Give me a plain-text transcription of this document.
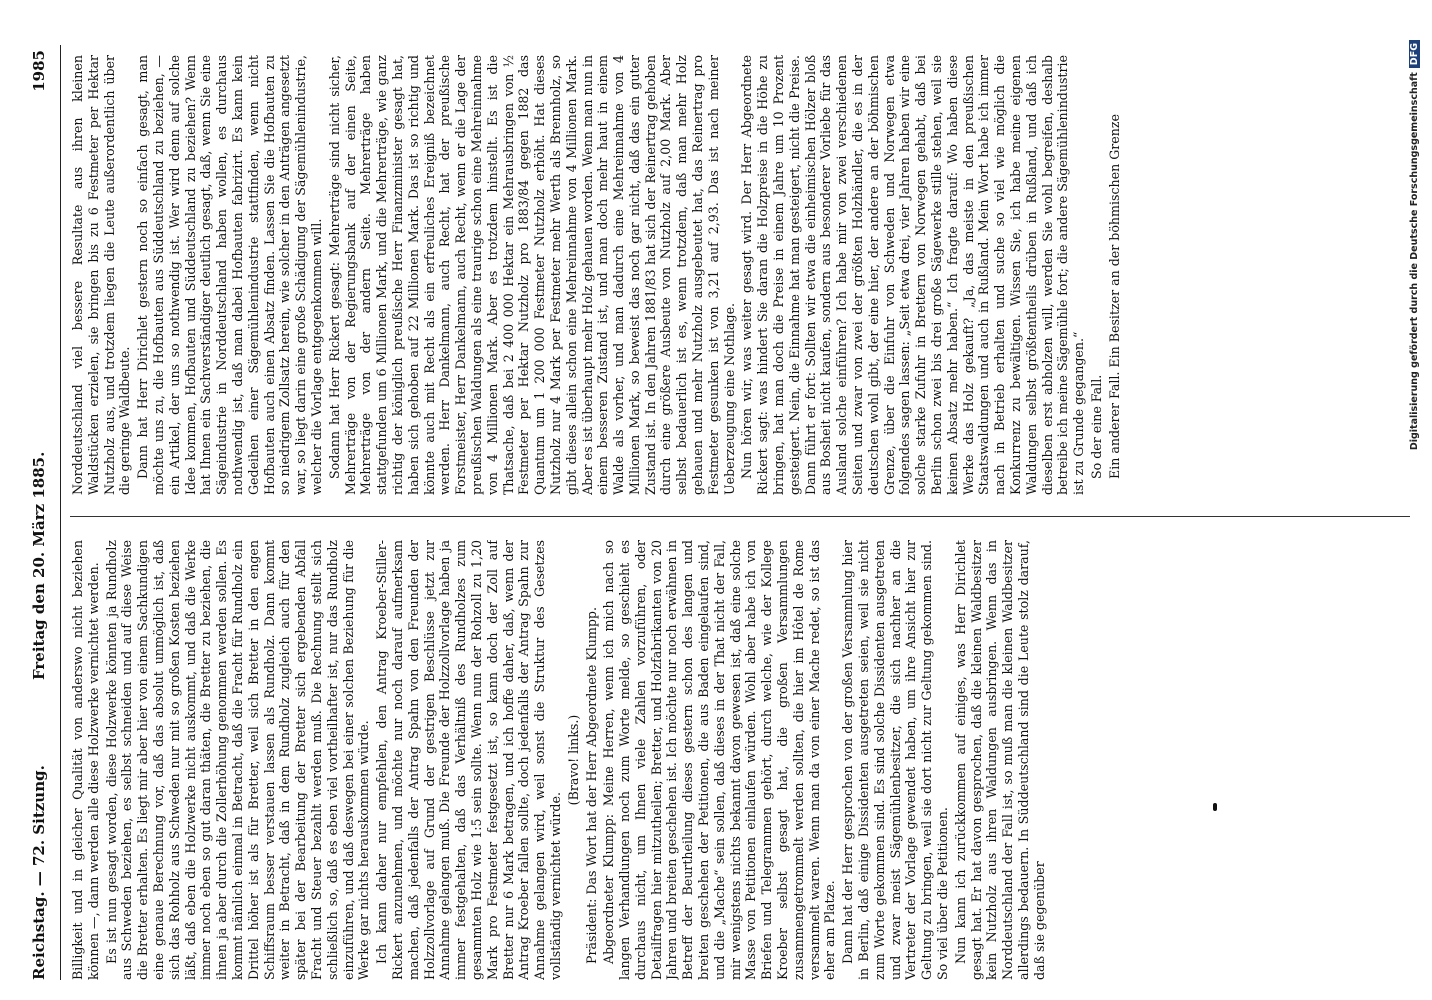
Reichstag. — 72. Sitzung.
Freitag den 20. März 1885.
1985

Billigkeit und in gleicher Qualität von anderswo nicht beziehen können —, dann werden alle diese Holzwerke vernichtet werden. Es ist nun gesagt worden, diese Holzwerke könnten ja Rundholz aus Schweden beziehen, es selbst schneiden und auf diese Weise die Bretter erhalten. Es liegt mir aber hier von einem Sachkundigen eine genaue Berechnung vor, daß das absolut unmöglich ist, daß sich das Rohholz aus Schweden nur mit so großen Kosten beziehen läßt, daß eben die Holzwerke nicht auskommt, und daß die Werke immer noch eben so gut daran thäten, die Bretter zu beziehen, die ihnen ja aber durch die Zollerhöhung genommen werden sollen. Es kommt nämlich einmal in Betracht, daß die Fracht für Rundholz ein Drittel höher ist als für Bretter, weil sich Bretter in den engen Schiffsraum besser verstauen lassen als Rundholz. Dann kommt weiter in Betracht, daß in dem Rundholz zugleich auch für den später bei der Bearbeitung der Bretter sich ergebenden Abfall Fracht und Steuer bezahlt werden muß. Die Rechnung stellt sich schließlich so, daß es eben viel vortheilhafter ist, nur das Rundholz einzuführen, und daß deswegen bei einer solchen Beziehung für die Werke gar nichts herauskommen würde. Ich kann daher nur empfehlen, den Antrag Kroeber-Stiller-Rickert anzunehmen, und möchte nur noch darauf aufmerksam machen, daß jedenfalls der Antrag Spahn von den Freunden der Holzzollvorlage auf Grund der gestrigen Beschlüsse jetzt zur Annahme gelangen muß. Die Freunde der Holzzollvorlage haben ja immer festgehalten, daß das Verhältniß des Rundholzes zum gesammten Holz wie 1:5 sein sollte. Wenn nun der Rohzoll zu 1,20 Mark pro Festmeter festgesetzt ist, so kann doch der Zoll auf Bretter nur 6 Mark betragen, und ich hoffe daher, daß, wenn der Antrag Kroeber fallen sollte, doch jedenfalls der Antrag Spahn zur Annahme gelangen wird, weil sonst die Struktur des Gesetzes vollständig vernichtet würde.

(Bravo! links.) Präsident: Das Wort hat der Herr Abgeordnete Klumpp. Abgeordneter Klumpp: Meine Herren, wenn ich mich nach so langen Verhandlungen noch zum Worte melde, so geschieht es durchaus nicht, um Ihnen viele Zahlen vorzuführen, oder Detailfragen hier mitzutheilen; Bretter, und Holzfabrikanten von 20 Jahren und breiten geschehen ist. Ich möchte nur noch erwähnen in Betreff der Beurtheilung dieses gestern schon des langen und breiten geschehen der Petitionen, die aus Baden eingelaufen sind, und die „Mache“ sein sollen, daß dieses in der That nicht der Fall, mir wenigstens nichts bekannt davon gewesen ist, daß eine solche Masse von Petitionen einlaufen würden. Wohl aber habe ich von Briefen und Telegrammen gehört, durch welche, wie der Kollege Kroeber selbst gesagt hat, die großen Versammlungen zusammengetrommelt werden sollten, die hier im Hôtel de Rome versammelt waren. Wenn man da von einer Mache redet, so ist das eher am Platze. Dann hat der Herr gesprochen von der großen Versammlung hier in Berlin, daß einige Dissidenten ausgetreten seien, weil sie nicht zum Worte gekommen sind. Es sind solche Dissidenten ausgetreten und zwar meist Sägemühlenbesitzer, die sich nachher an die Vertreter der Vorlage gewendet haben, um ihre Ansicht hier zur Geltung zu bringen, weil sie dort nicht zur Geltung gekommen sind. So viel über die Petitionen. Nun kann ich zurückkommen auf einiges, was Herr Dirichlet gesagt hat. Er hat davon gesprochen, daß die kleinen Waldbesitzer kein Nutzholz aus ihren Waldungen ausbringen. Wenn das in Norddeutschland der Fall ist, so muß man die kleinen Waldbesitzer allerdings bedauern. In Süddeutschland sind die Leute stolz darauf, daß sie gegenüber

Norddeutschland viel bessere Resultate aus ihren kleinen Waldstücken erzielen, sie bringen bis zu 6 Festmeter per Hektar Nutzholz aus, und trotzdem liegen die Leute außerordentlich über die geringe Waldbeute. Dann hat Herr Dirichlet gestern noch so einfach gesagt, man möchte uns zu, die Hofbauten aus Süddeutschland zu beziehen, — ein Artikel, der uns so nothwendig ist. Wer wird denn auf solche Idee kommen, Hofbauten und Süddeutschland zu beziehen? Wenn hat Ihnen ein Sachverständiger deutlich gesagt, daß, wenn Sie eine Sägeindustrie in Norddeutschland haben wollen, es durchaus nothwendig ist, daß man dabei Hofbauten fabrizirt. Es kann kein Gedeihen einer Sägemühlenindustrie stattfinden, wenn nicht Hofbauten auch einen Absatz finden. Lassen Sie die Hofbauten zu so niedrigem Zollsatz herein, wie solcher in den Anträgen angesetzt war, so liegt darin eine große Schädigung der Sägemühlenindustrie, welcher die Vorlage entgegenkommen will. Sodann hat Herr Rickert gesagt: Mehrerträge sind nicht sicher, Mehrerträge von der Regierungsbank auf der einen Seite, Mehrerträge von der andern Seite. Mehrerträge haben stattgefunden um 6 Millionen Mark, und die Mehrerträge, wie ganz richtig der königlich preußische Herr Finanzminister gesagt hat, haben sich gehoben auf 22 Millionen Mark. Das ist so richtig und könnte auch mit Recht als ein erfreuliches Ereigniß bezeichnet werden. Herr Dankelmann, auch Recht, hat der preußische Forstmeister, Herr Dankelmann, auch Recht, wenn er die Lage der preußischen Waldungen als eine traurige schon eine Mehreinnahme von 4 Millionen Mark. Aber es trotzdem hinstellt. Es ist die Thatsache, daß bei 2 400 000 Hektar ein Mehrausbringen von ½ Festmeter per Hektar Nutzholz pro 1883/84 gegen 1882 das Quantum um 1 200 000 Festmeter Nutzholz erhöht. Hat dieses Nutzholz nur 4 Mark per Festmeter mehr Werth als Brennholz, so gibt dieses allein schon eine Mehreinnahme von 4 Millionen Mark. Aber es ist überhaupt mehr Holz gehauen worden. Wenn man nun in einem besseren Zustand ist, und man doch mehr haut in einem Walde als vorher, und man dadurch eine Mehreinnahme von 4 Millionen Mark, so beweist das noch gar nicht, daß das ein guter Zustand ist. In den Jahren 1881/83 hat sich der Reinertrag gehoben durch eine größere Ausbeute von Nutzholz auf 2,00 Mark. Aber selbst bedauerlich ist es, wenn trotzdem, daß man mehr Holz gehauen und mehr Nutzholz ausgebeutet hat, das Reinertrag pro Festmeter gesunken ist von 3,21 auf 2,93. Das ist nach meiner Ueberzeugung eine Nothlage. Nun hören wir, was weiter gesagt wird. Der Herr Abgeordnete Rickert sagt: was hindert Sie daran die Holzpreise in die Höhe zu bringen, hat man doch die Preise in einem Jahre um 10 Prozent gesteigert. Nein, die Einnahme hat man gesteigert, nicht die Preise. Dann führt er fort: Sollten wir etwa die einheimischen Hölzer bloß aus Bosheit nicht kaufen, sondern aus besonderer Vorliebe für das Ausland solche einführen? Ich habe mir von zwei verschiedenen Seiten und zwar von zwei der größten Holzhändler, die es in der deutschen wohl gibt, der eine hier, der andere an der böhmischen Grenze, über die Einfuhr von Schweden und Norwegen etwa folgendes sagen lassen: „Seit etwa drei, vier Jahren haben wir eine solche starke Zufuhr in Brettern von Norwegen gehabt, daß bei Berlin schon zwei bis drei große Sägewerke stille stehen, weil sie keinen Absatz mehr haben.“ Ich fragte darauf: Wo haben diese Werke das Holz gekauft? „Ja, das meiste in den preußischen Staatswaldungen und auch in Rußland. Mein Wort habe ich immer nach in Betrieb erhalten und suche so viel wie möglich die Konkurrenz zu bewältigen. Wissen Sie, ich habe meine eigenen Waldungen selbst größtentheils drüben in Rußland, und daß ich dieselben erst abholzen will, werden Sie wohl begreifen, deshalb betreibe ich meine Sägemühle fort; die andere Sägemühlenindustrie ist zu Grunde gegangen.“ So der eine Fall. Ein anderer Fall. Ein Besitzer an der böhmischen Grenze	Digitalisierung gefördert durch die Deutsche ForschungsgemeinschaftDFG
